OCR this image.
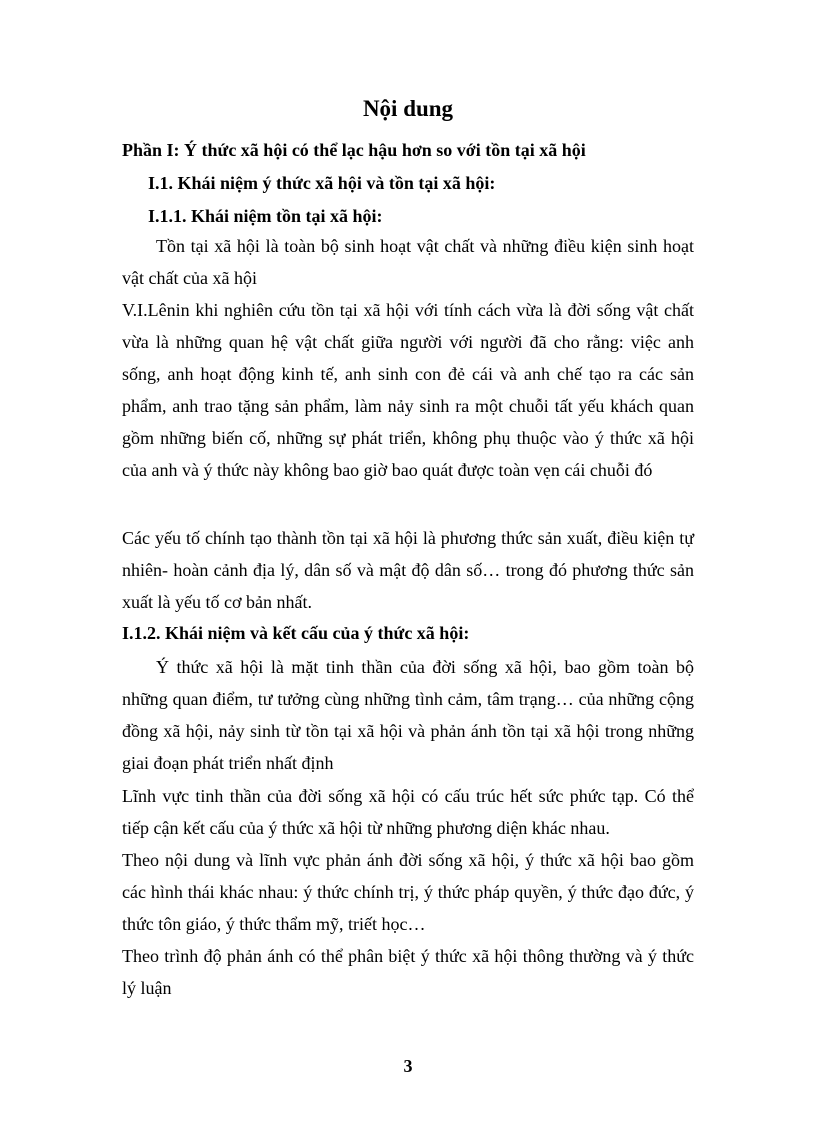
Nội dung
Phần I: Ý thức xã hội có thể lạc hậu hơn so với tồn tại xã hội
I.1. Khái niệm ý thức xã hội và tồn tại xã hội:
I.1.1. Khái niệm tồn tại xã hội:
Tồn tại xã hội là toàn bộ sinh hoạt vật chất và những điều kiện sinh hoạt vật chất của xã hội
V.I.Lênin khi nghiên cứu tồn tại xã hội với tính cách vừa là đời sống vật chất vừa là những quan hệ vật chất giữa người với người đã cho rằng: việc anh sống, anh hoạt động kinh tế, anh sinh con đẻ cái và anh chế tạo ra các sản phẩm, anh trao tặng sản phẩm, làm nảy sinh ra một chuỗi tất yếu khách quan gồm những biến cố, những sự phát triển, không phụ thuộc vào ý thức xã hội của anh và ý thức này không bao giờ bao quát được toàn vẹn cái chuỗi đó
Các yếu tố chính tạo thành tồn tại xã hội là phương thức sản xuất, điều kiện tự nhiên- hoàn cảnh địa lý, dân số và mật độ dân số… trong đó phương thức sản xuất là yếu tố cơ bản nhất.
I.1.2. Khái niệm và kết cấu của ý thức xã hội:
Ý thức xã hội là mặt tinh thần của đời sống xã hội, bao gồm toàn bộ những quan điểm, tư tưởng cùng những tình cảm, tâm trạng… của những cộng đồng xã hội, nảy sinh từ tồn tại xã hội và phản ánh tồn tại xã hội trong những giai đoạn phát triển nhất định
Lĩnh vực tinh thần của đời sống xã hội có cấu trúc hết sức phức tạp. Có thể tiếp cận kết cấu của ý thức xã hội từ những phương diện khác nhau.
Theo nội dung và lĩnh vực phản ánh đời sống xã hội, ý thức xã hội bao gồm các hình thái khác nhau: ý thức chính trị, ý thức pháp quyền, ý thức đạo đức, ý thức tôn giáo, ý thức thẩm mỹ, triết học…
Theo trình độ phản ánh có thể phân biệt ý thức xã hội thông thường và ý thức lý luận
3
